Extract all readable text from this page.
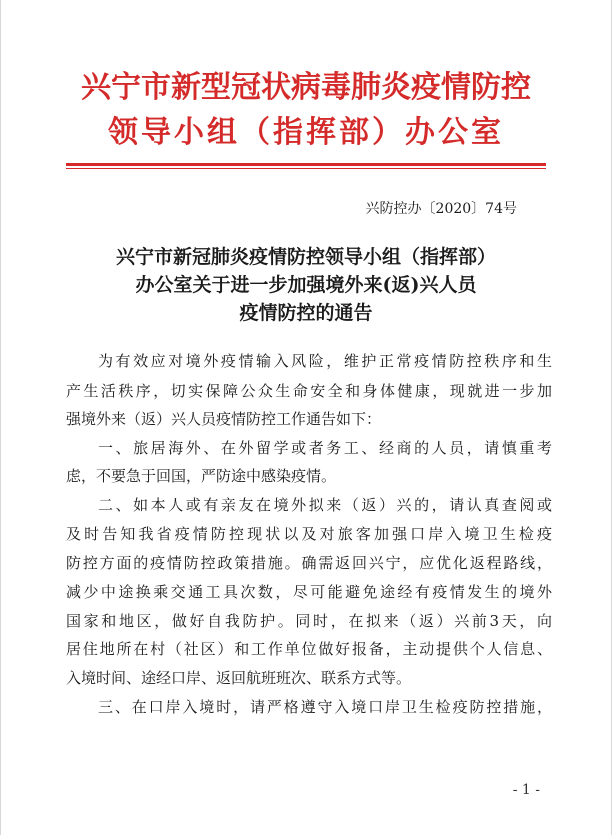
兴宁市新型冠状病毒肺炎疫情防控
领导小组（指挥部）办公室
兴防控办〔2020〕74号
兴宁市新冠肺炎疫情防控领导小组（指挥部）
办公室关于进一步加强境外来(返)兴人员
疫情防控的通告
为有效应对境外疫情输入风险，维护正常疫情防控秩序和生
产生活秩序，切实保障公众生命安全和身体健康，现就进一步加
强境外来（返）兴人员疫情防控工作通告如下：
一、旅居海外、在外留学或者务工、经商的人员，请慎重考
虑，不要急于回国，严防途中感染疫情。
二、如本人或有亲友在境外拟来（返）兴的，请认真查阅或
及时告知我省疫情防控现状以及对旅客加强口岸入境卫生检疫
防控方面的疫情防控政策措施。确需返回兴宁，应优化返程路线，
减少中途换乘交通工具次数，尽可能避免途经有疫情发生的境外
国家和地区，做好自我防护。同时，在拟来（返）兴前3天，向
居住地所在村（社区）和工作单位做好报备，主动提供个人信息、
入境时间、途经口岸、返回航班班次、联系方式等。
三、在口岸入境时，请严格遵守入境口岸卫生检疫防控措施，
- 1 -
